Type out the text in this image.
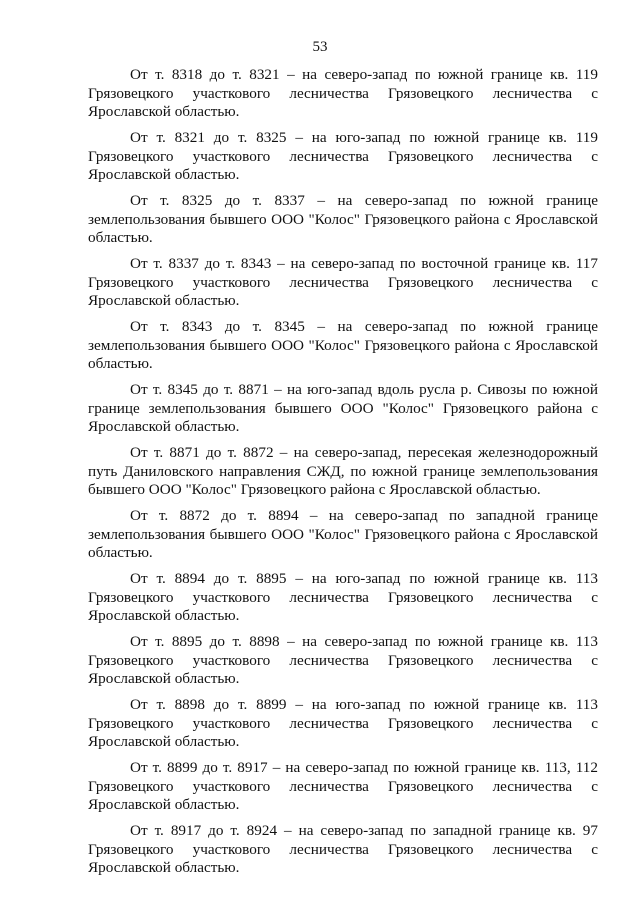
53

От т. 8318 до т. 8321 – на северо-запад по южной границе кв. 119 Грязовецкого участкового лесничества Грязовецкого лесничества с Ярославской областью.

От т. 8321 до т. 8325 – на юго-запад по южной границе кв. 119 Грязовецкого участкового лесничества Грязовецкого лесничества с Ярославской областью.

От т. 8325 до т. 8337 – на северо-запад по южной границе землепользования бывшего ООО "Колос" Грязовецкого района с Ярославской областью.

От т. 8337 до т. 8343 – на северо-запад по восточной границе кв. 117 Грязовецкого участкового лесничества Грязовецкого лесничества с Ярославской областью.

От т. 8343 до т. 8345 – на северо-запад по южной границе землепользования бывшего ООО "Колос" Грязовецкого района с Ярославской областью.

От т. 8345 до т. 8871 – на юго-запад вдоль русла р. Сивозы по южной границе землепользования бывшего ООО "Колос" Грязовецкого района с Ярославской областью.

От т. 8871 до т. 8872 – на северо-запад, пересекая железнодорожный путь Даниловского направления СЖД, по южной границе землепользования бывшего ООО "Колос" Грязовецкого района с Ярославской областью.

От т. 8872 до т. 8894 – на северо-запад по западной границе землепользования бывшего ООО "Колос" Грязовецкого района с Ярославской областью.

От т. 8894 до т. 8895 – на юго-запад по южной границе кв. 113 Грязовецкого участкового лесничества Грязовецкого лесничества с Ярославской областью.

От т. 8895 до т. 8898 – на северо-запад по южной границе кв. 113 Грязовецкого участкового лесничества Грязовецкого лесничества с Ярославской областью.

От т. 8898 до т. 8899 – на юго-запад по южной границе кв. 113 Грязовецкого участкового лесничества Грязовецкого лесничества с Ярославской областью.

От т. 8899 до т. 8917 – на северо-запад по южной границе кв. 113, 112 Грязовецкого участкового лесничества Грязовецкого лесничества с Ярославской областью.

От т. 8917 до т. 8924 – на северо-запад по западной границе кв. 97 Грязовецкого участкового лесничества Грязовецкого лесничества с Ярославской областью.
